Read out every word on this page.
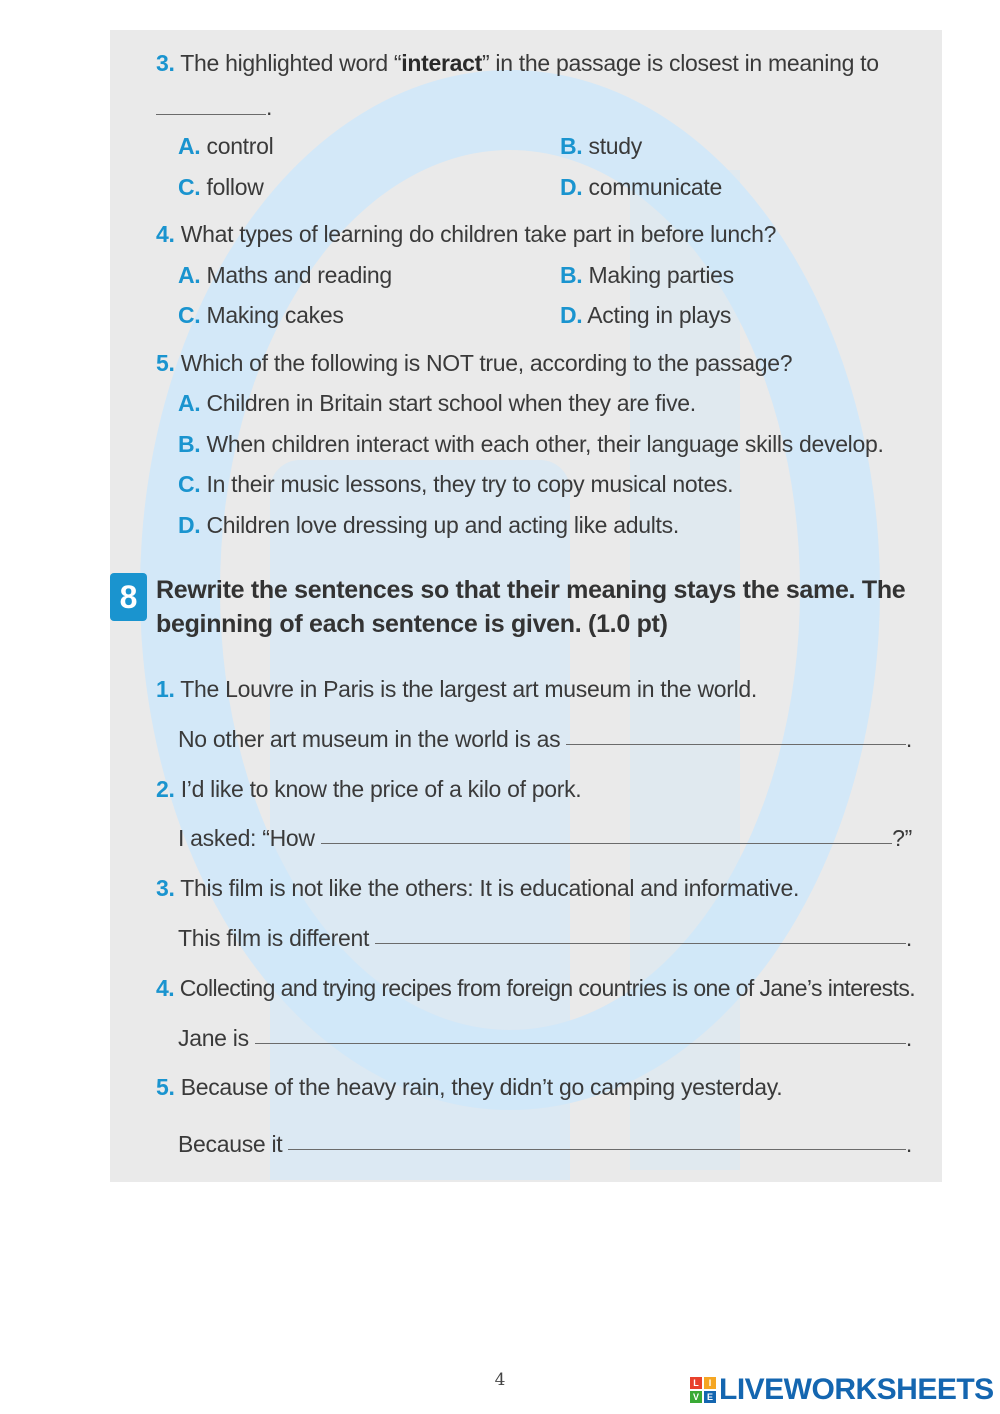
3. The highlighted word “interact” in the passage is closest in meaning to
.
A. control	B. study
C. follow	D. communicate
4. What types of learning do children take part in before lunch?
A. Maths and reading	B. Making parties
C. Making cakes	D. Acting in plays
5. Which of the following is NOT true, according to the passage?
A. Children in Britain start school when they are five.
B. When children interact with each other, their language skills develop.
C. In their music lessons, they try to copy musical notes.
D. Children love dressing up and acting like adults.
8 Rewrite the sentences so that their meaning stays the same. The
beginning of each sentence is given. (1.0 pt)
1. The Louvre in Paris is the largest art museum in the world.
No other art museum in the world is as	.
2. I’d like to know the price of a kilo of pork.
I asked: “How	?”
3. This film is not like the others: It is educational and informative.
This film is different	.
4. Collecting and trying recipes from foreign countries is one of Jane’s interests.
Jane is	.
5. Because of the heavy rain, they didn’t go camping yesterday.
Because it	.
4	L	I
V E LIVEWORKSHEETS
